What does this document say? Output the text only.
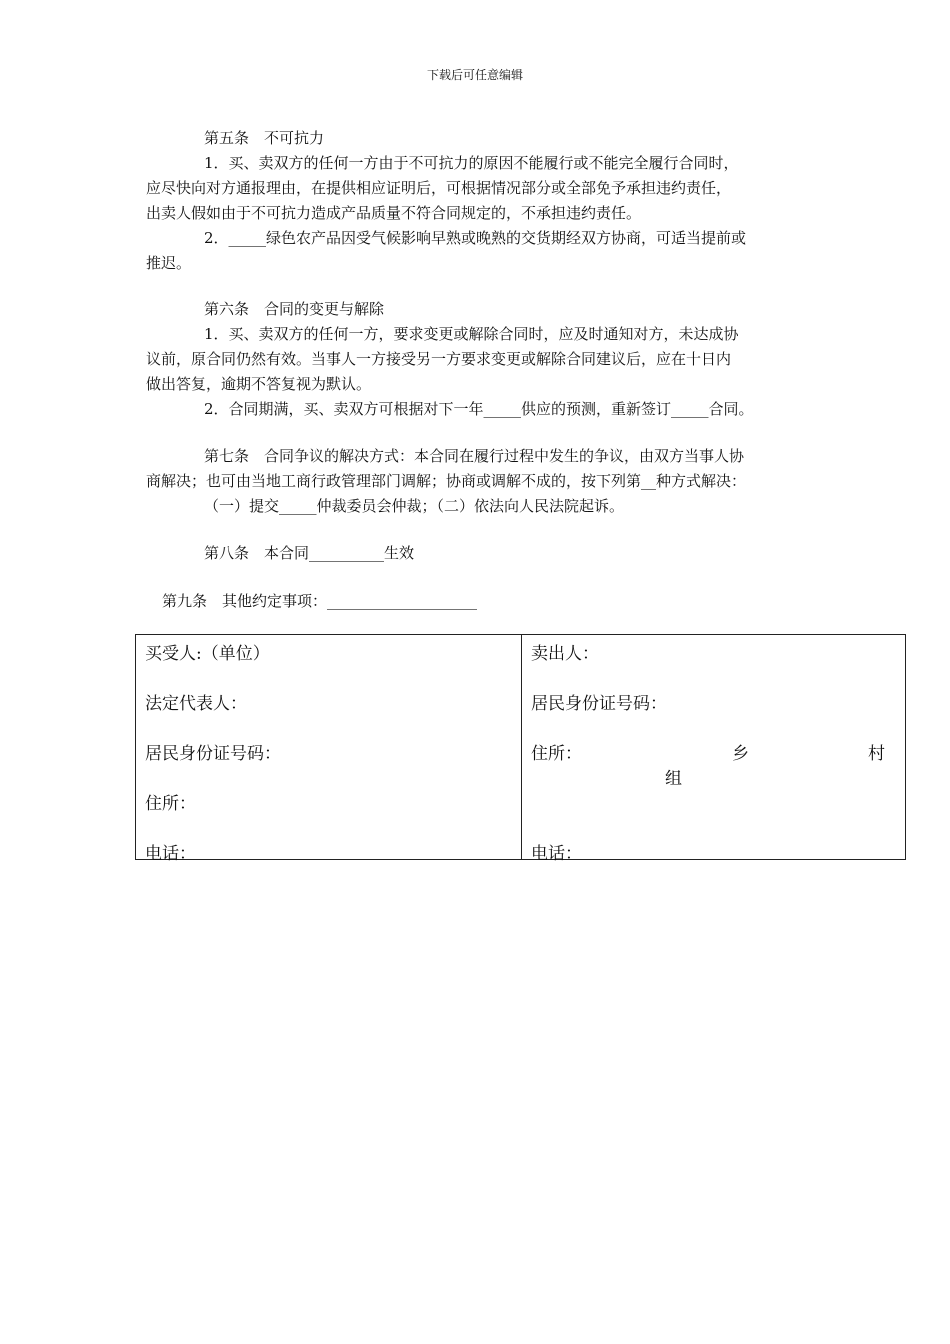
下载后可任意编辑
第五条　不可抗力
1．买、卖双方的任何一方由于不可抗力的原因不能履行或不能完全履行合同时，
应尽快向对方通报理由，在提供相应证明后，可根据情况部分或全部免予承担违约责任，
出卖人假如由于不可抗力造成产品质量不符合同规定的，不承担违约责任。
2．_____绿色农产品因受气候影响早熟或晚熟的交货期经双方协商，可适当提前或
推迟。
第六条　合同的变更与解除
1．买、卖双方的任何一方，要求变更或解除合同时，应及时通知对方，未达成协
议前，原合同仍然有效。当事人一方接受另一方要求变更或解除合同建议后，应在十日内
做出答复，逾期不答复视为默认。
2．合同期满，买、卖双方可根据对下一年_____供应的预测，重新签订_____合同。
第七条　合同争议的解决方式：本合同在履行过程中发生的争议，由双方当事人协
商解决；也可由当地工商行政管理部门调解；协商或调解不成的，按下列第__种方式解决：
（一）提交_____仲裁委员会仲裁；（二）依法向人民法院起诉。
第八条　本合同__________生效
第九条　其他约定事项：____________________
买受人:（单位）
法定代表人：
居民身份证号码：
住所：
电话：

卖出人：
居民身份证号码：
住所：	乡	村
组
电话：
